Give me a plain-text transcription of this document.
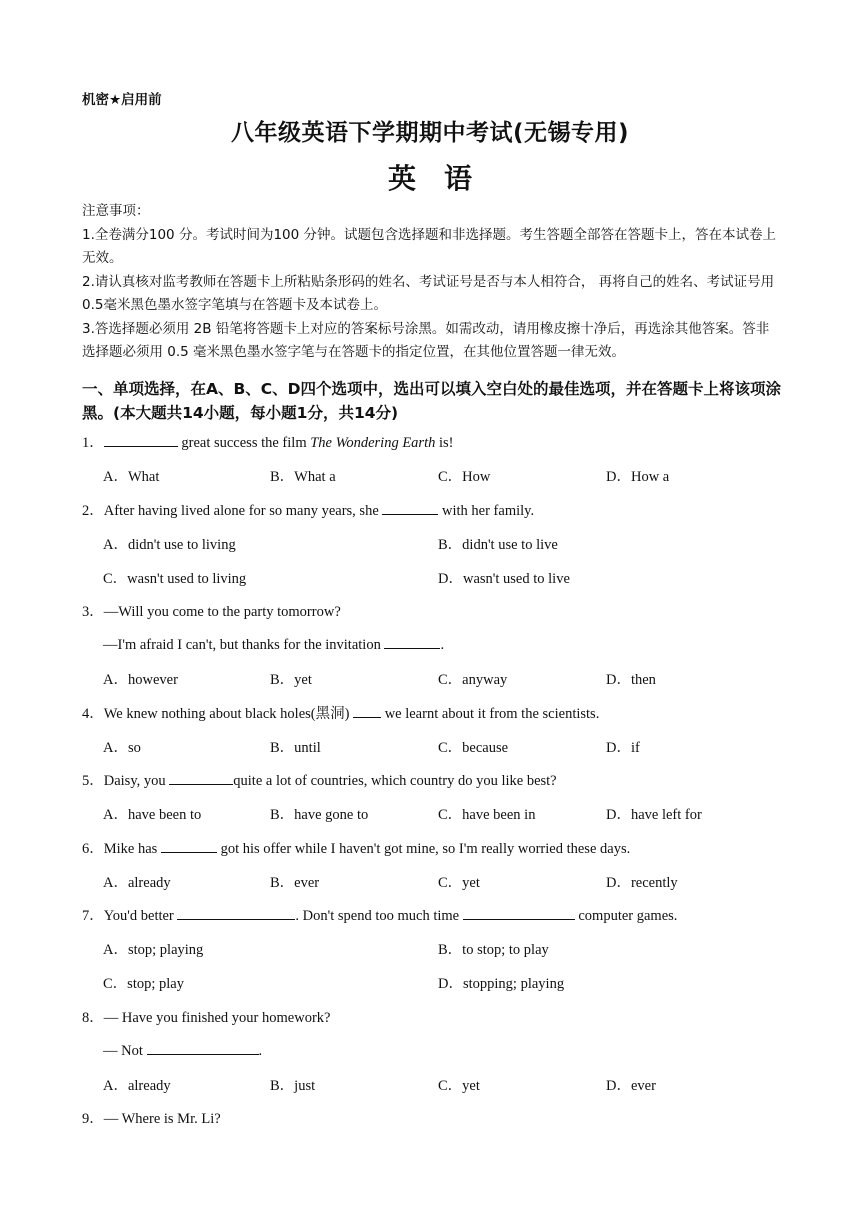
机密★启用前
八年级英语下学期期中考试(无锡专用)
英语

注意事项：

1.全卷满分100 分。考试时间为100 分钟。试题包含选择题和非选择题。考生答题全部答在答题卡上，答在本试卷上无效。

2.请认真核对监考教师在答题卡上所粘贴条形码的姓名、考试证号是否与本人相符合， 再将自己的姓名、考试证号用0.5毫米黑色墨水签字笔填与在答题卡及本试卷上。

3.答选择题必须用 2B 铅笔将答题卡上对应的答案标号涂黑。如需改动，请用橡皮擦十净后，再选涂其他答案。答非选择题必须用 0.5 毫米黑色墨水签字笔与在答题卡的指定位置，在其他位置答题一律无效。

一、单项选择，在A、B、C、D四个选项中，选出可以填入空白处的最佳选项，并在答题卡上将该项涂黑。(本大题共14小题，每小题1分，共14分)
1．	great success the film The Wondering Earth is!
A．What	B．What a	C．How	D．How a
2．After having lived alone for so many years, she	with her family.
A．didn't use to living	B．didn't use to live
C．wasn't used to living	D．wasn't used to live
3．—Will you come to the party tomorrow?
—I'm afraid I can't, but thanks for the invitation	.
A．however	B．yet	C．anyway	D．then
4．We knew nothing about black holes(黑洞)  we learnt about it from the scientists.
A．so	B．until	C．because	D．if
5．Daisy, you	quite a lot of countries, which country do you like best?
A．have been to	B．have gone to	C．have been in	D．have left for
6．Mike has	got his offer while I haven't got mine, so I'm really worried these days.
A．already	B．ever	C．yet	D．recently
7．You'd better	. Don't spend too much time	computer games.
A．stop; playing	B．to stop; to play
C．stop; play	D．stopping; playing
8．— Have you finished your homework?
— Not	.
A．already	B．just	C．yet	D．ever
9．— Where is Mr. Li?
